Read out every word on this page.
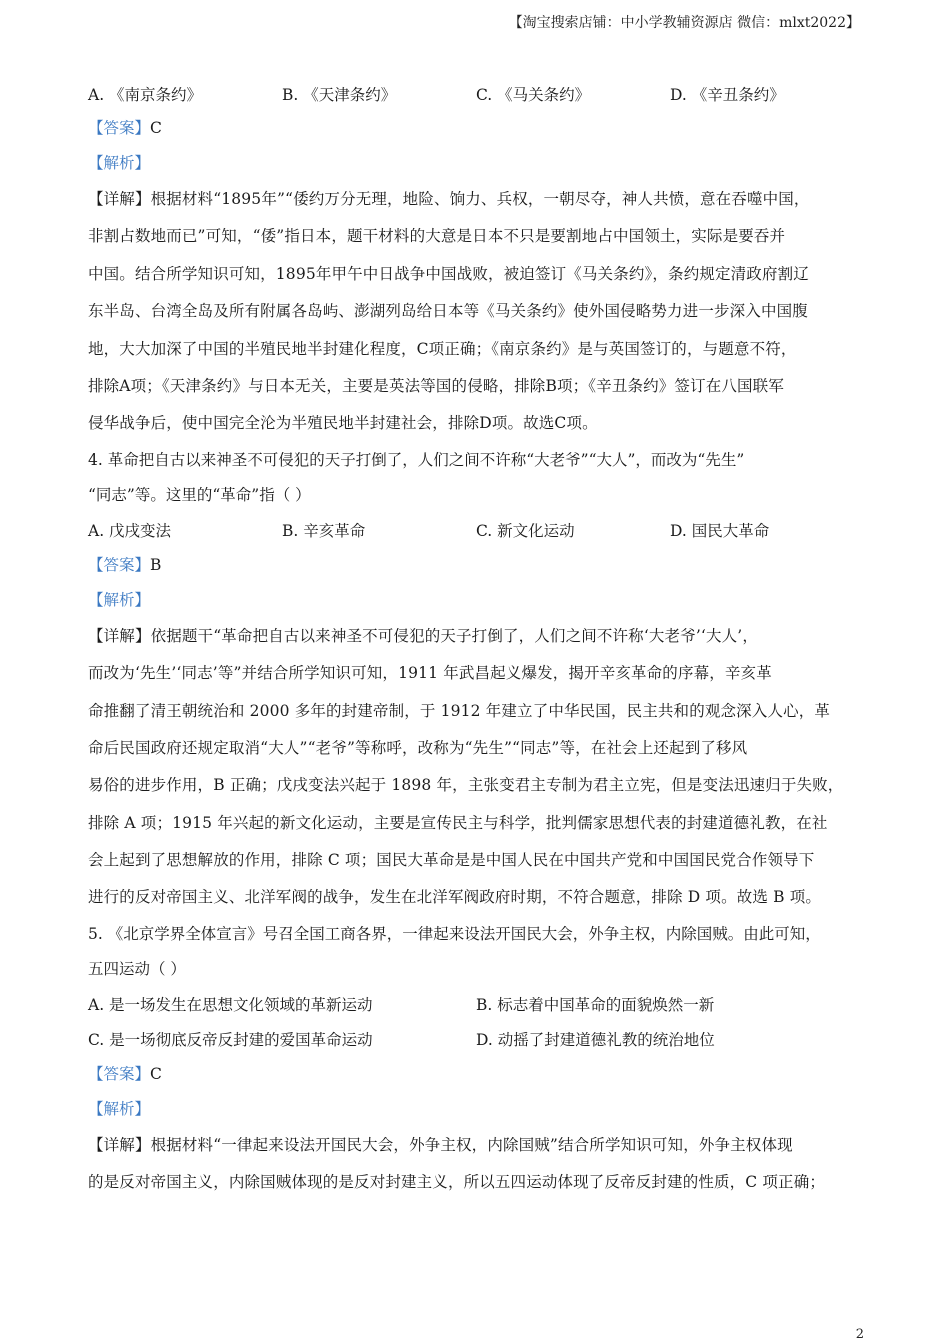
【淘宝搜索店铺：中小学教辅资源店 微信：mlxt2022】
A. 《南京条约》	B. 《天津条约》	C. 《马关条约》	D. 《辛丑条约》
【答案】C
【解析】
【详解】根据材料“1895年”“倭约万分无理，地险、饷力、兵权，一朝尽夺，神人共愤，意在吞噬中国，
非割占数地而已”可知，“倭”指日本，题干材料的大意是日本不只是要割地占中国领土，实际是要吞并
中国。结合所学知识可知，1895年甲午中日战争中国战败，被迫签订《马关条约》，条约规定清政府割辽
东半岛、台湾全岛及所有附属各岛屿、澎湖列岛给日本等《马关条约》使外国侵略势力进一步深入中国腹
地，大大加深了中国的半殖民地半封建化程度，C项正确；《南京条约》是与英国签订的，与题意不符，
排除A项；《天津条约》与日本无关，主要是英法等国的侵略，排除B项；《辛丑条约》签订在八国联军
侵华战争后，使中国完全沦为半殖民地半封建社会，排除D项。故选C项。
4. 革命把自古以来神圣不可侵犯的天子打倒了，人们之间不许称“大老爷”“大人”，而改为“先生”
“同志”等。这里的“革命”指（ ）
A. 戊戌变法	B. 辛亥革命	C. 新文化运动	D. 国民大革命
【答案】B
【解析】
【详解】依据题干“革命把自古以来神圣不可侵犯的天子打倒了，人们之间不许称‘大老爷’‘大人’，
而改为‘先生’‘同志’等”并结合所学知识可知，1911 年武昌起义爆发，揭开辛亥革命的序幕，辛亥革
命推翻了清王朝统治和 2000 多年的封建帝制，于 1912 年建立了中华民国，民主共和的观念深入人心，革
命后民国政府还规定取消“大人”“老爷”等称呼，改称为“先生”“同志”等，在社会上还起到了移风
易俗的进步作用，B 正确；戊戌变法兴起于 1898 年，主张变君主专制为君主立宪，但是变法迅速归于失败，
排除 A 项；1915 年兴起的新文化运动，主要是宣传民主与科学，批判儒家思想代表的封建道德礼教，在社
会上起到了思想解放的作用，排除 C 项；国民大革命是是中国人民在中国共产党和中国国民党合作领导下
进行的反对帝国主义、北洋军阀的战争，发生在北洋军阀政府时期，不符合题意，排除 D 项。故选 B 项。
5. 《北京学界全体宣言》号召全国工商各界，一律起来设法开国民大会，外争主权，内除国贼。由此可知，
五四运动（ ）
A. 是一场发生在思想文化领域的革新运动	B. 标志着中国革命的面貌焕然一新
C. 是一场彻底反帝反封建的爱国革命运动	D. 动摇了封建道德礼教的统治地位
【答案】C
【解析】
【详解】根据材料“一律起来设法开国民大会，外争主权，内除国贼”结合所学知识可知，外争主权体现
的是反对帝国主义，内除国贼体现的是反对封建主义，所以五四运动体现了反帝反封建的性质，C 项正确；
2
